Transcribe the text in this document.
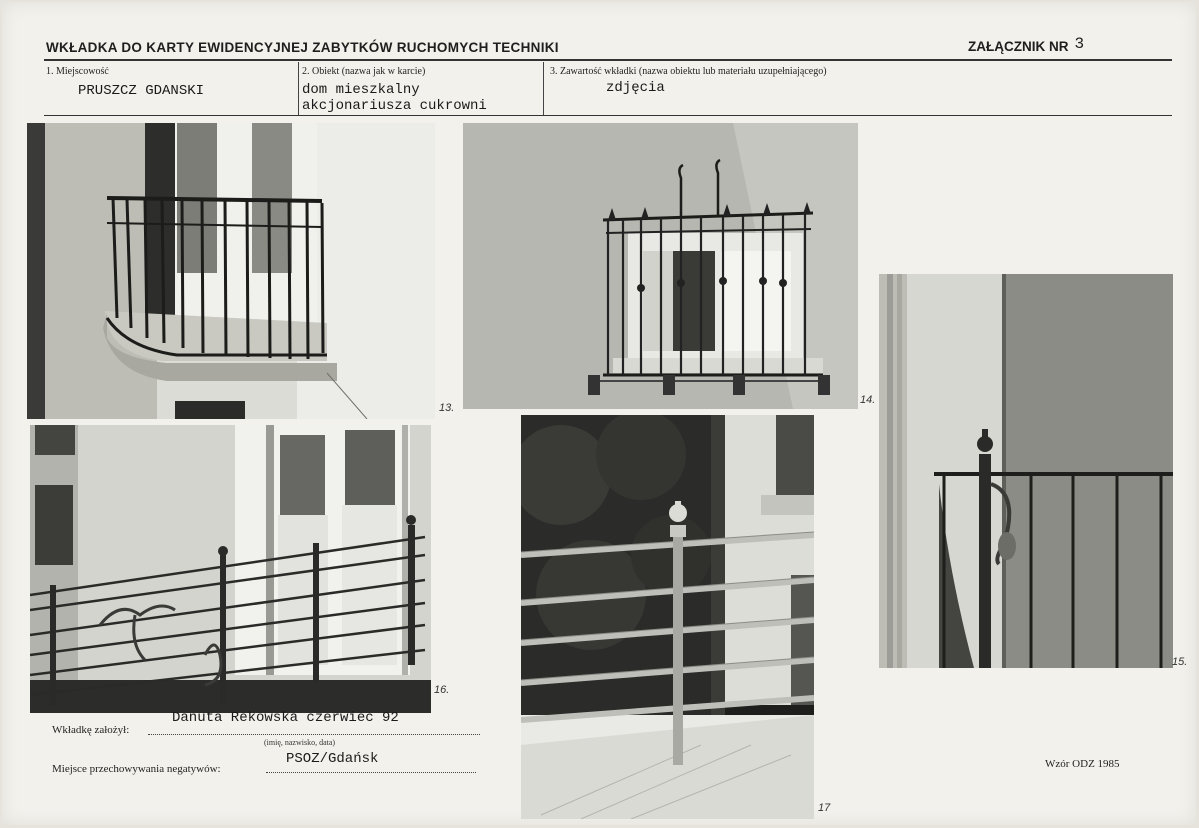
WKŁADKA DO KARTY EWIDENCYJNEJ ZABYTKÓW RUCHOMYCH TECHNIKI	ZAŁĄCZNIK NR 3
1. Miejscowość
PRUSZCZ GDANSKI
2. Obiekt (nazwa jak w karcie)
dom mieszkalny
akcjonariusza cukrowni
3. Zawartość wkładki (nazwa obiektu lub materiału uzupełniającego)
zdjęcia
13.
14.
15.
16.
17
Wkładkę założył:
Danuta Rekowska czerwiec 92
(imię, nazwisko, data)
Miejsce przechowywania negatywów:
PSOZ/Gdańsk	Wzór ODZ 1985
